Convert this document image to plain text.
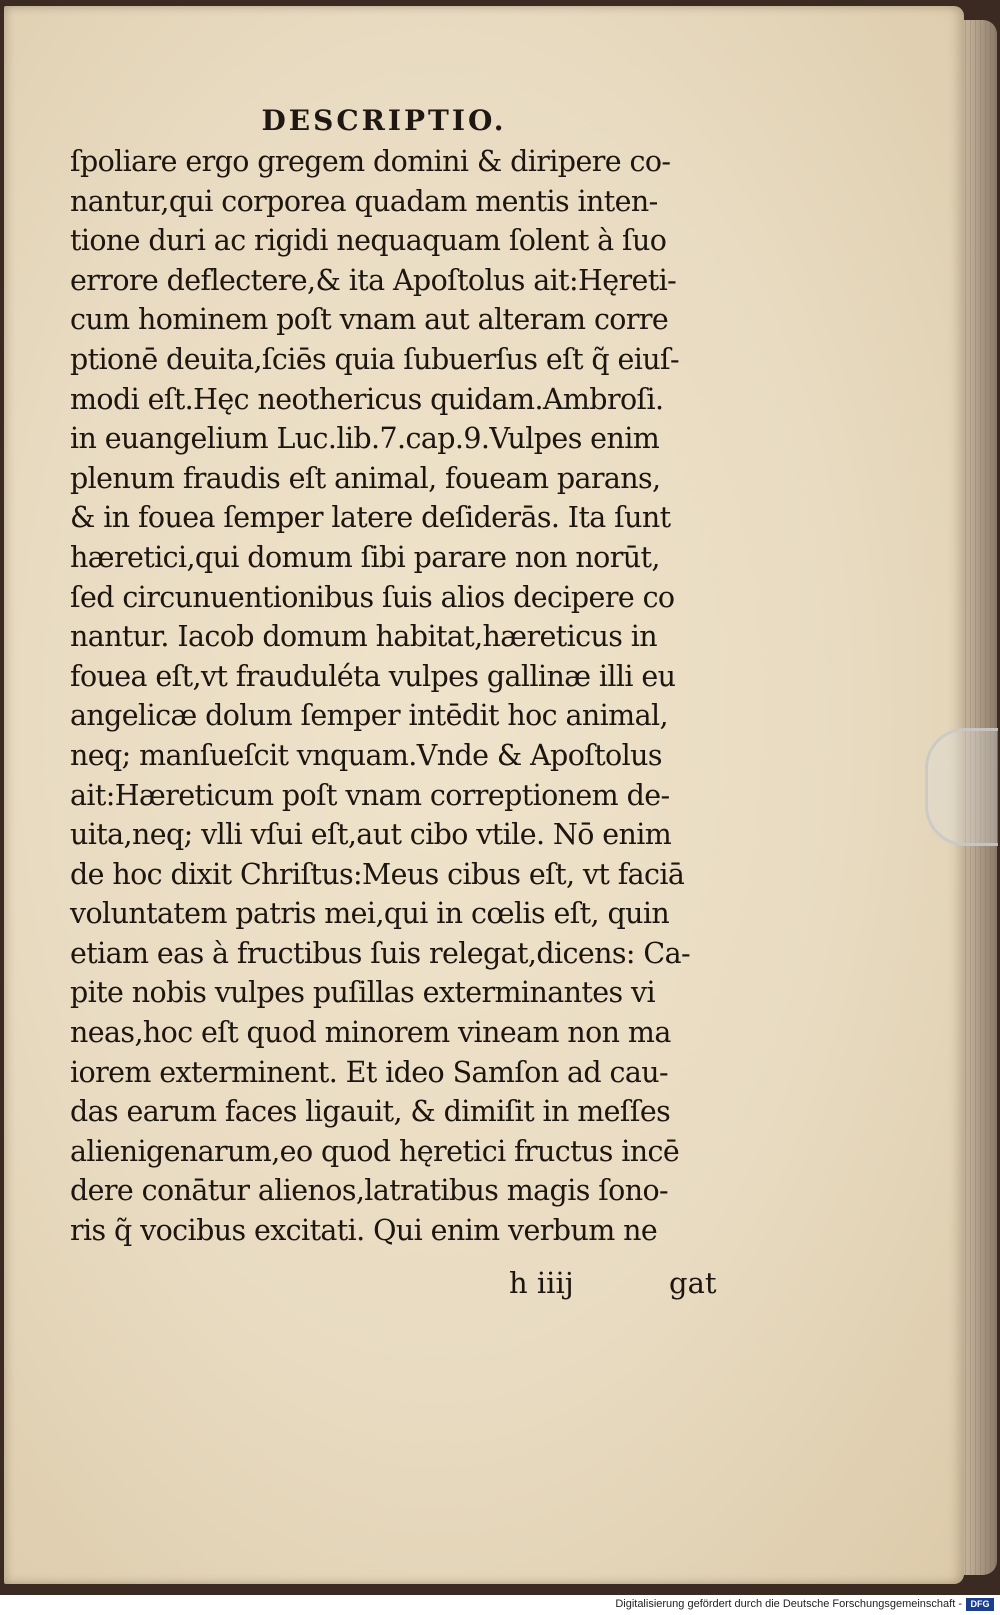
DESCRIPTIO.
ſpoliare ergo gregem domini & diripere co-
nantur,qui corporea quadam mentis inten-
tione duri ac rigidi nequaquam ſolent à ſuo
errore deflectere,& ita Apoſtolus ait:Hęreti-
cum hominem poſt vnam aut alteram corre
ptionē deuita,ſciēs quia ſubuerſus eſt q̃ eiuſ-
modi eſt.Hęc neothericus quidam.Ambroſi.
in euangelium Luc.lib.7.cap.9.Vulpes enim
plenum fraudis eſt animal, foueam parans,
& in fouea ſemper latere deſiderās. Ita ſunt
hæretici,qui domum ſibi parare non norūt,
ſed circunuentionibus ſuis alios decipere co
nantur. Iacob domum habitat,hæreticus in
fouea eſt,vt frauduléta vulpes gallinæ illi eu
angelicæ dolum ſemper intēdit hoc animal,
neq; manſueſcit vnquam.Vnde & Apoſtolus
ait:Hæreticum poſt vnam correptionem de-
uita,neq; vlli vſui eſt,aut cibo vtile. Nō enim
de hoc dixit Chriſtus:Meus cibus eſt, vt faciā
voluntatem patris mei,qui in cœlis eſt, quin
etiam eas à fructibus ſuis relegat,dicens: Ca-
pite nobis vulpes puſillas exterminantes vi
neas,hoc eſt quod minorem vineam non ma
iorem exterminent. Et ideo Samſon ad cau-
das earum faces ligauit, & dimiſit in meſſes
alienigenarum,eo quod hęretici fructus incē
dere conātur alienos,latratibus magis ſono-
ris q̃ vocibus excitati. Qui enim verbum ne
h iiij	gat
Digitalisierung gefördert durch die Deutsche Forschungsgemeinschaft - DFG
